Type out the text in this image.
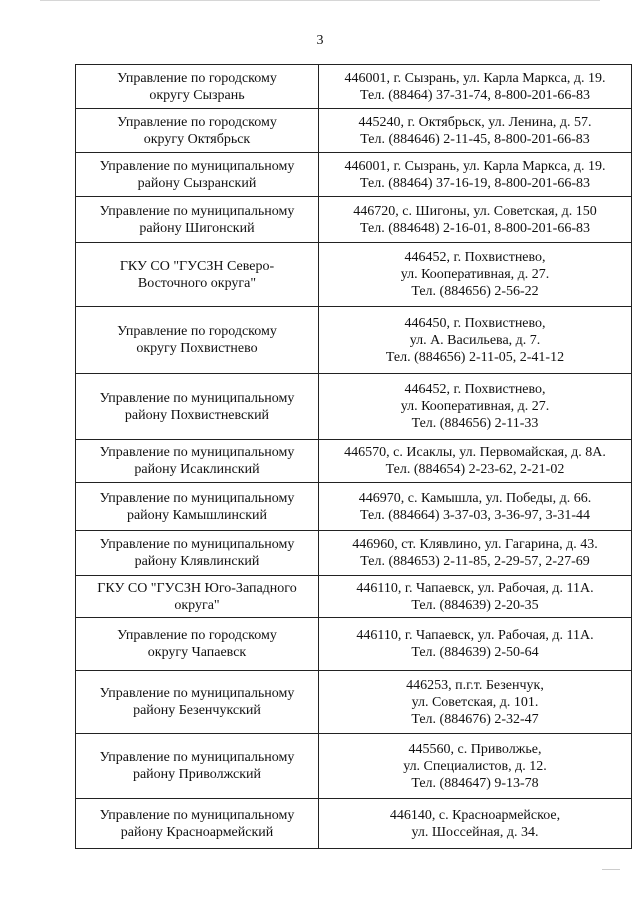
3
Управление по городскому
округу Сызрань	446001, г. Сызрань, ул. Карла Маркса, д. 19.
Тел. (88464) 37-31-74, 8-800-201-66-83

Управление по городскому
округу Октябрьск	445240, г. Октябрьск, ул. Ленина, д. 57.
Тел. (884646) 2-11-45, 8-800-201-66-83

Управление по муниципальному
району Сызранский	446001, г. Сызрань, ул. Карла Маркса, д. 19.
Тел. (88464) 37-16-19, 8-800-201-66-83

Управление по муниципальному
району Шигонский	446720, с. Шигоны, ул. Советская, д. 150
Тел. (884648) 2-16-01, 8-800-201-66-83

ГКУ СО "ГУСЗН Северо-
Восточного округа"	446452, г. Похвистнево,
ул. Кооперативная, д. 27.
Тел. (884656) 2-56-22

Управление по городскому
округу Похвистнево	446450, г. Похвистнево,
ул. А. Васильева, д. 7.
Тел. (884656) 2-11-05, 2-41-12

Управление по муниципальному
району Похвистневский	446452, г. Похвистнево,
ул. Кооперативная, д. 27.
Тел. (884656) 2-11-33

Управление по муниципальному
району Исаклинский	446570, с. Исаклы, ул. Первомайская, д. 8А.
Тел. (884654) 2-23-62, 2-21-02

Управление по муниципальному
району Камышлинский	446970, с. Камышла, ул. Победы, д. 66.
Тел. (884664) 3-37-03, 3-36-97, 3-31-44

Управление по муниципальному
району Клявлинский	446960, ст. Клявлино, ул. Гагарина, д. 43.
Тел. (884653) 2-11-85, 2-29-57, 2-27-69

ГКУ СО "ГУСЗН Юго-Западного
округа"	446110, г. Чапаевск, ул. Рабочая, д. 11А.
Тел. (884639) 2-20-35

Управление по городскому
округу Чапаевск	446110, г. Чапаевск, ул. Рабочая, д. 11А.
Тел. (884639) 2-50-64

Управление по муниципальному
району Безенчукский	446253, п.г.т. Безенчук,
ул. Советская, д. 101.
Тел. (884676) 2-32-47

Управление по муниципальному
району Приволжский	445560, с. Приволжье,
ул. Специалистов, д. 12.
Тел. (884647) 9-13-78

Управление по муниципальному
району Красноармейский	446140, с. Красноармейское,
ул. Шоссейная, д. 34.
